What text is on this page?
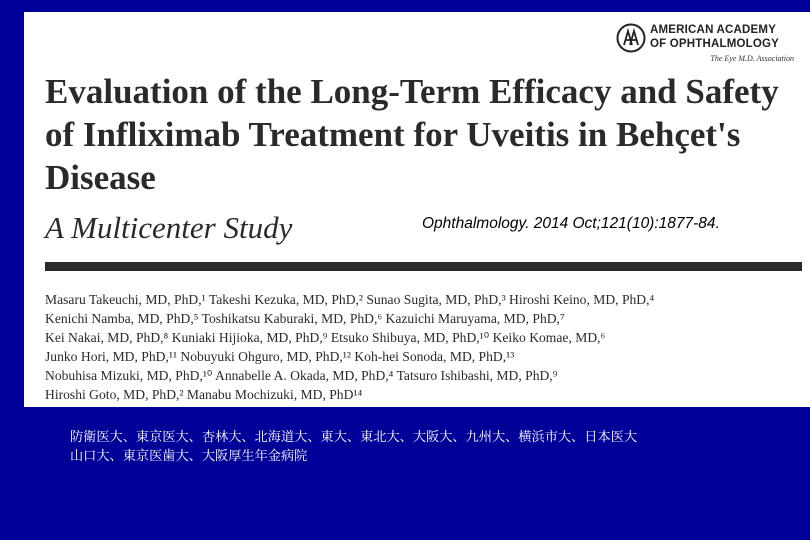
AMERICAN ACADEMY
OF OPHTHALMOLOGY
The Eye M.D. Association
Evaluation of the Long-Term Efficacy and Safety of Infliximab Treatment for Uveitis in Behçet's Disease

A Multicenter Study	Ophthalmology. 2014 Oct;121(10):1877-84.
Masaru Takeuchi, MD, PhD,¹ Takeshi Kezuka, MD, PhD,² Sunao Sugita, MD, PhD,³ Hiroshi Keino, MD, PhD,⁴
Kenichi Namba, MD, PhD,⁵ Toshikatsu Kaburaki, MD, PhD,⁶ Kazuichi Maruyama, MD, PhD,⁷
Kei Nakai, MD, PhD,⁸ Kuniaki Hijioka, MD, PhD,⁹ Etsuko Shibuya, MD, PhD,¹⁰ Keiko Komae, MD,⁶
Junko Hori, MD, PhD,¹¹ Nobuyuki Ohguro, MD, PhD,¹² Koh-hei Sonoda, MD, PhD,¹³
Nobuhisa Mizuki, MD, PhD,¹⁰ Annabelle A. Okada, MD, PhD,⁴ Tatsuro Ishibashi, MD, PhD,⁹
Hiroshi Goto, MD, PhD,² Manabu Mochizuki, MD, PhD¹⁴
防衛医大、東京医大、杏林大、北海道大、東大、東北大、大阪大、九州大、横浜市大、日本医大
山口大、東京医歯大、大阪厚生年金病院
